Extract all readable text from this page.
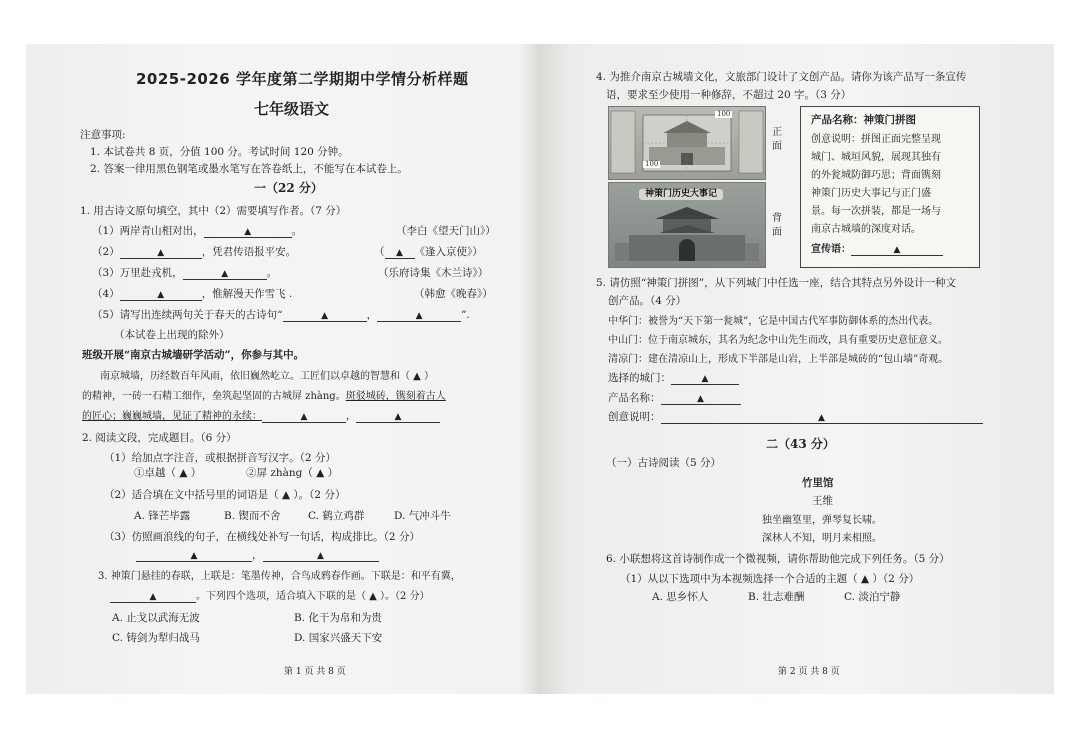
2025-2026 学年度第二学期期中学情分析样题
七年级语文
注意事项:
1. 本试卷共 8 页，分值 100 分。考试时间 120 分钟。
2. 答案一律用黑色钢笔或墨水笔写在答卷纸上，不能写在本试卷上。
一（22 分）
1. 用古诗文原句填空，其中（2）需要填写作者。（7 分）
（1）两岸青山相对出，	▲	。	（李白《望天门山》）
（2）	▲	，凭君传语报平安。	（ ▲ 《逢入京使》）
（3）万里赴戎机，	▲	。	（乐府诗集《木兰诗》）
（4）	▲	，惟解漫天作雪飞 .	（韩愈《晚春》）
（5）请写出连续两句关于春天的古诗句“	▲	，	▲	”.
（本试卷上出现的除外）
班级开展“南京古城墙研学活动”，你参与其中。
南京城墙，历经数百年风雨，依旧巍然屹立。工匠们以卓越的智慧和（ ▲ ）
的精神，一砖一石精工细作，垒筑起坚固的古城屏 zhàng。斑驳城砖，镌刻着古人
的匠心；巍巍城墙，见证了精神的永续：	▲	，	▲
2. 阅读文段，完成题目。（6 分）
（1）给加点字注音，或根据拼音写汉字。（2 分）
①卓越（ ▲ ）	②屏 zhàng（ ▲ ）
（2）适合填在文中括号里的词语是（ ▲ ）。（2 分）
A. 锋芒毕露	B. 锲而不舍	C. 鹤立鸡群	D. 气冲斗牛
（3）仿照画浪线的句子，在横线处补写一句话，构成排比。（2 分）
▲	，	▲
3. 神策门悬挂的春联，上联是：笔墨传神，合鸟成鸦春作画。下联是：和平有冀，
▲	。下列四个选项，适合填入下联的是（ ▲ ）。（2 分）
A. 止戈以武海无波	B. 化干为帛和为贵
C. 铸剑为犁归战马	D. 国家兴盛天下安
第 1 页 共 8 页
4. 为推介南京古城墙文化，文旅部门设计了文创产品。请你为该产品写一条宣传
语，要求至少使用一种修辞，不超过 20 字。（3 分）
100
100
神策门历史大事记
正面
背面
产品名称：神策门拼图
创意说明：拼图正面完整呈现
城门、城垣风貌，展现其独有
的外瓮城防御巧思；背面镌刻
神策门历史大事记与正门盛
景。每一次拼装，都是一场与
南京古城墙的深度对话。
宣传语：	▲
5. 请仿照“神策门拼图”，从下列城门中任选一座，结合其特点另外设计一种文
创产品。（4 分）
中华门：被誉为“天下第一瓮城”，它是中国古代军事防御体系的杰出代表。
中山门：位于南京城东，其名为纪念中山先生而改，具有重要历史意征意义。
清凉门：建在清凉山上，形成下半部是山岩，上半部是城砖的“包山墙”奇观。
选择的城门：	▲
产品名称：	▲
创意说明：	▲
二（43 分）
（一）古诗阅读（5 分）
竹里馆
王维
独坐幽篁里，弹琴复长啸。
深林人不知，明月来相照。
6. 小联想将这首诗制作成一个微视频，请你帮助他完成下列任务。（5 分）
（1）从以下选项中为本视频选择一个合适的主题（ ▲ ）（2 分）
A. 思乡怀人	B. 壮志难酬	C. 淡泊宁静
第 2 页 共 8 页
